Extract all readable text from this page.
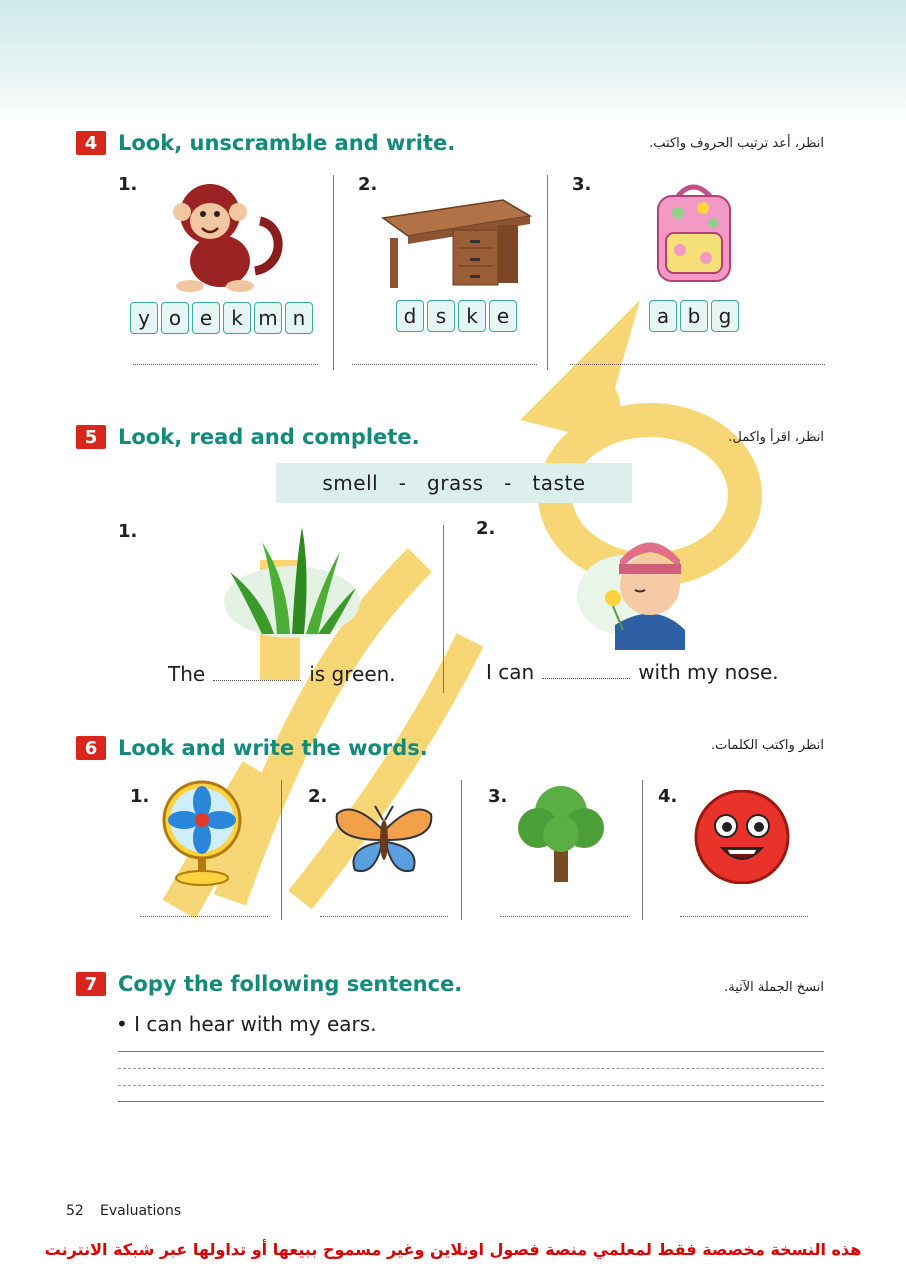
4 Look, unscramble and write.	انظر، أعد ترتيب الحروف واكتب.
1.	2.	3.
y o e k m n	d s	k e	a b g
5 Look, read and complete.	انظر، اقرأ واكمل.
smell   -   grass   -   taste
1.	2.
The	is green.	I can	with my nose.
6 Look and write the words.	انظر واكتب الكلمات.
1.	2.	3.	4.
7 Copy the following sentence.	انسخ الجملة الآتية.
• I can hear with my ears.
52 Evaluations
هذه النسخة مخصصة فقط لمعلمي منصة فصول اونلاين وغير مسموح ببيعها أو تداولها عبر شبكة الانترنت
